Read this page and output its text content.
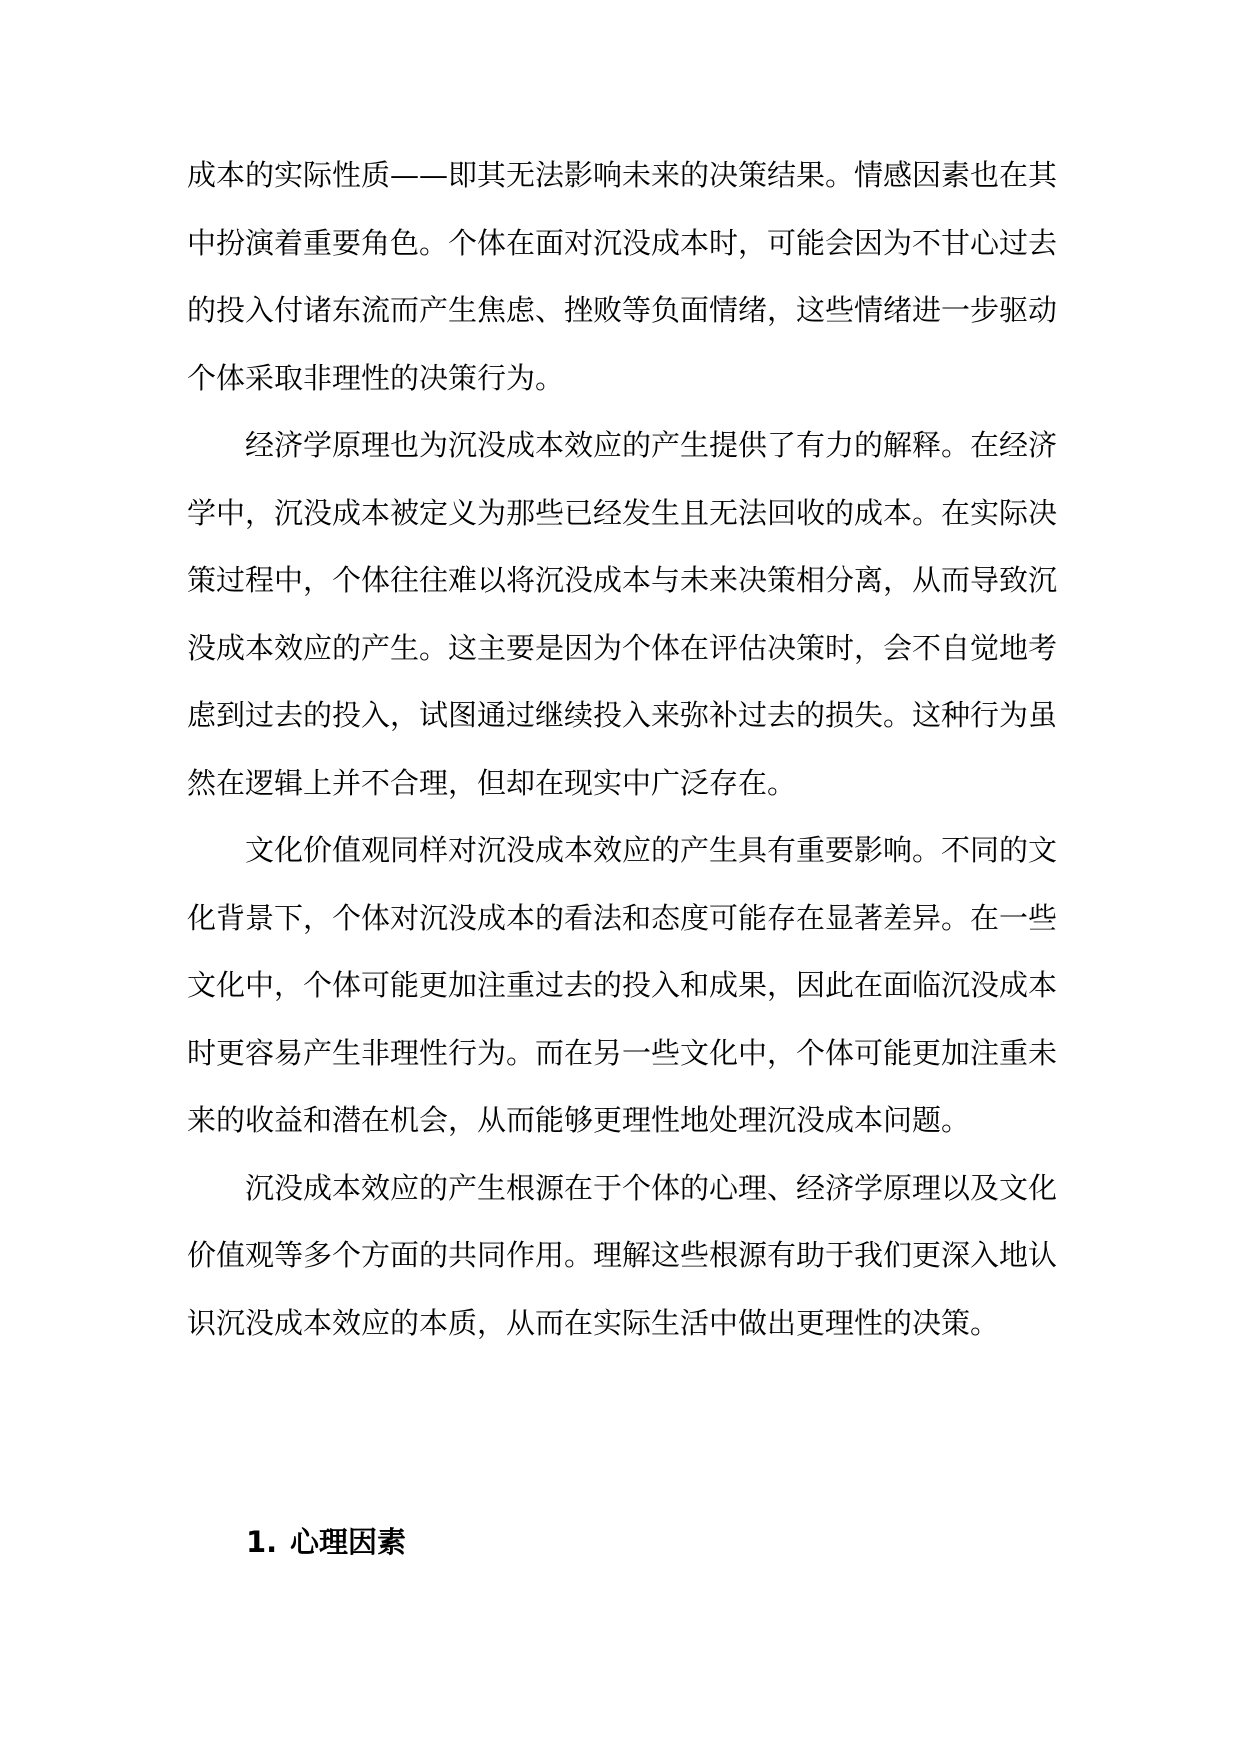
成本的实际性质——即其无法影响未来的决策结果。情感因素也在其
中扮演着重要角色。个体在面对沉没成本时，可能会因为不甘心过去
的投入付诸东流而产生焦虑、挫败等负面情绪，这些情绪进一步驱动
个体采取非理性的决策行为。
经济学原理也为沉没成本效应的产生提供了有力的解释。在经济
学中，沉没成本被定义为那些已经发生且无法回收的成本。在实际决
策过程中，个体往往难以将沉没成本与未来决策相分离，从而导致沉
没成本效应的产生。这主要是因为个体在评估决策时，会不自觉地考
虑到过去的投入，试图通过继续投入来弥补过去的损失。这种行为虽
然在逻辑上并不合理，但却在现实中广泛存在。
文化价值观同样对沉没成本效应的产生具有重要影响。不同的文
化背景下，个体对沉没成本的看法和态度可能存在显著差异。在一些
文化中，个体可能更加注重过去的投入和成果，因此在面临沉没成本
时更容易产生非理性行为。而在另一些文化中，个体可能更加注重未
来的收益和潜在机会，从而能够更理性地处理沉没成本问题。
沉没成本效应的产生根源在于个体的心理、经济学原理以及文化
价值观等多个方面的共同作用。理解这些根源有助于我们更深入地认
识沉没成本效应的本质，从而在实际生活中做出更理性的决策。
1. 心理因素
